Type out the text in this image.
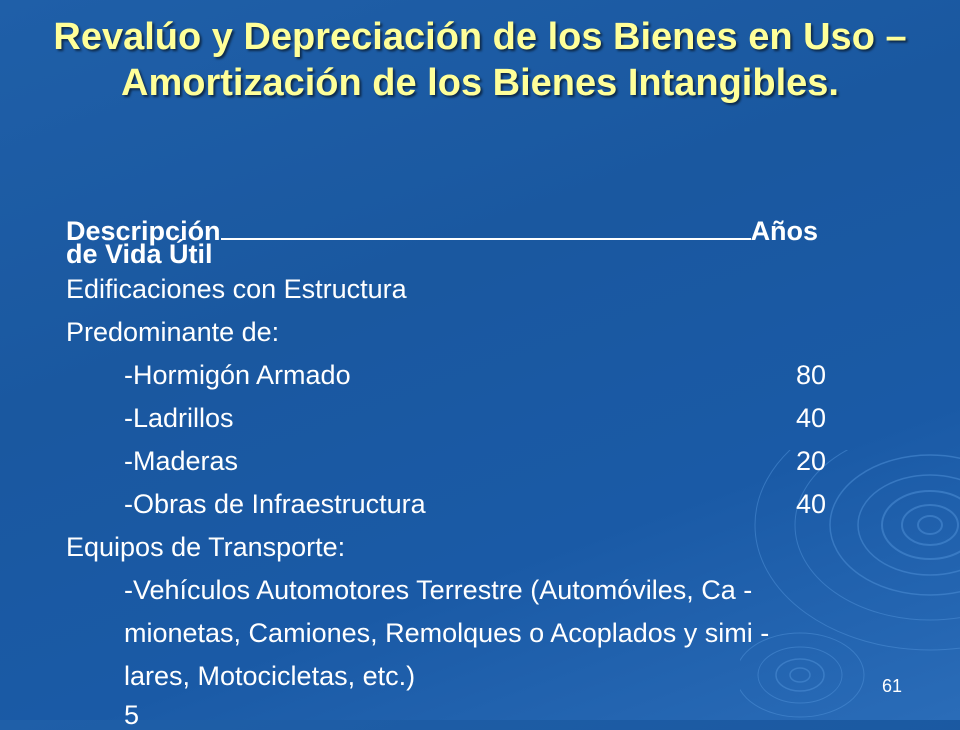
Revalúo y Depreciación de los Bienes en Uso – Amortización de los Bienes Intangibles.
Descripción	Años
de Vida Útil
Edificaciones con Estructura
Predominante de:
-Hormigón Armado	80
-Ladrillos	40
-Maderas	20
-Obras de Infraestructura	40
Equipos de Transporte:
-Vehículos Automotores Terrestre (Automóviles, Ca -
mionetas, Camiones, Remolques o Acoplados y simi -
lares, Motocicletas, etc.)
5
61
